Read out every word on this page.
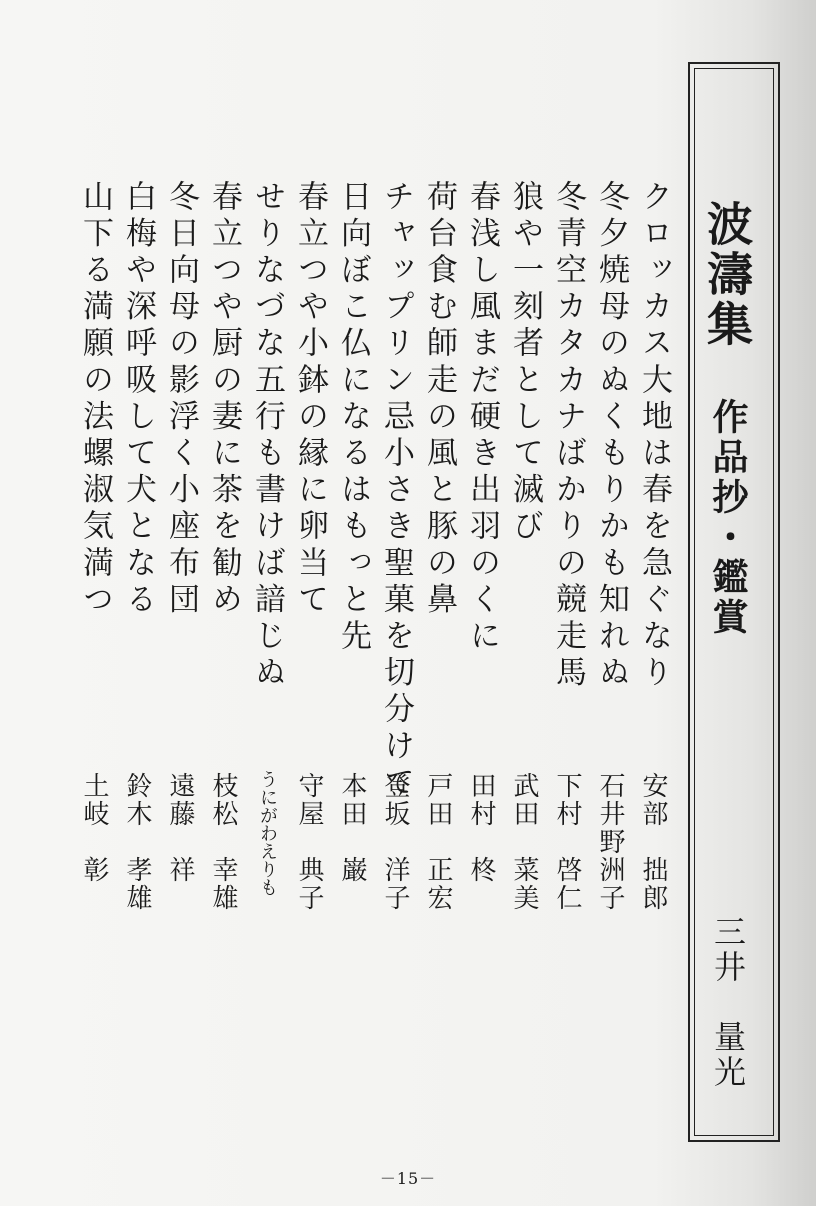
クロッカス大地は春を急ぐなり
冬夕焼母のぬくもりかも知れぬ
冬青空カタカナばかりの競走馬
狼や一刻者として滅び
春浅し風まだ硬き出羽のくに
荷台食む師走の風と豚の鼻
チャップリン忌小さき聖菓を切分けて
日向ぼこ仏になるはもっと先
春立つや小鉢の縁に卵当て
せりなづな五行も書けば諳じぬ
春立つや厨の妻に茶を勧め
冬日向母の影浮く小座布団
白梅や深呼吸して犬となる
山下る満願の法螺淑気満つ
安部　拙郎
石井野洲子
下村　啓仁
武田　菜美
田村　柊
戸田　正宏
登坂　洋子
本田　巌
守屋　典子
うにがわえりも
枝松　幸雄
遠藤　祥
鈴木　孝雄
土岐　彰
波濤集
作品抄・鑑賞
三井　量光
－15－
